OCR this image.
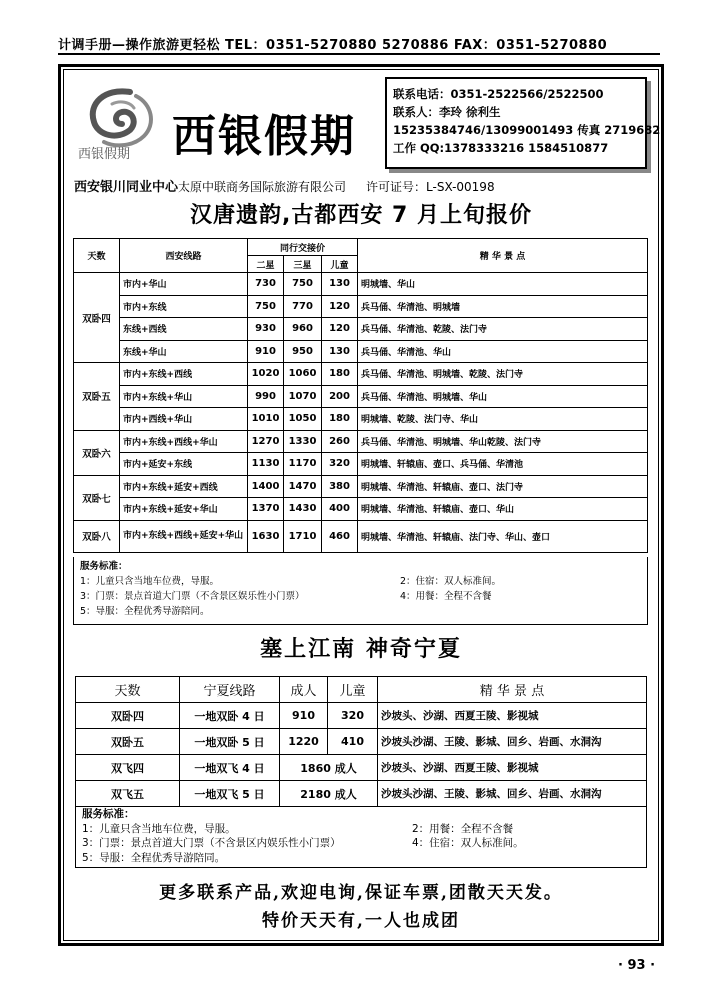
计调手册—操作旅游更轻松 TEL：0351-5270880 5270886 FAX：0351-5270880
西银假期 西银假期
联系电话：0351-2522566/2522500
联系人：李玲 徐利生
15235384746/13099001493 传真 2719682
工作 QQ:1378333216 1584510877
西安银川同业中心太原中联商务国际旅游有限公司 许可证号：L-SX-00198
汉唐遗韵,古都西安 7 月上旬报价
天数	西安线路	同行交接价			精 华 景 点
		二星	三星	儿童	
双卧四	市内+华山	730	750	130	明城墙、华山
	市内+东线	750	770	120	兵马俑、华清池、明城墙
	东线+西线	930	960	120	兵马俑、华清池、乾陵、法门寺
	东线+华山	910	950	130	兵马俑、华清池、华山
双卧五	市内+东线+西线	1020	1060	180	兵马俑、华清池、明城墙、乾陵、法门寺
	市内+东线+华山	990	1070	200	兵马俑、华清池、明城墙、华山
	市内+西线+华山	1010	1050	180	明城墙、乾陵、法门寺、华山
双卧六	市内+东线+西线+华山	1270	1330	260	兵马俑、华清池、明城墙、华山乾陵、法门寺
	市内+延安+东线	1130	1170	320	明城墙、轩辕庙、壶口、兵马俑、华清池
双卧七	市内+东线+延安+西线	1400	1470	380	明城墙、华清池、轩辕庙、壶口、法门寺
	市内+东线+延安+华山	1370	1430	400	明城墙、华清池、轩辕庙、壶口、华山
双卧八	市内+东线+西线+延安+华山	1630	1710	460	明城墙、华清池、轩辕庙、法门寺、华山、壶口
服务标准：
1：儿童只含当地车位费，导服。	2：住宿：双人标准间。
3：门票：景点首道大门票（不含景区娱乐性小门票）	4：用餐：全程不含餐
5：导服：全程优秀导游陪同。
塞上江南 神奇宁夏
天数	宁夏线路	成人	儿童	精 华 景 点
双卧四	一地双卧 4 日	910	320	沙坡头、沙湖、西夏王陵、影视城
双卧五	一地双卧 5 日	1220	410	沙坡头沙湖、王陵、影城、回乡、岩画、水洞沟
双飞四	一地双飞 4 日	1860 成人		沙坡头、沙湖、西夏王陵、影视城
双飞五	一地双飞 5 日	2180 成人		沙坡头沙湖、王陵、影城、回乡、岩画、水洞沟
服务标准：
1：儿童只含当地车位费，导服。	2：用餐：全程不含餐
3：门票：景点首道大门票（不含景区内娱乐性小门票）	4：住宿：双人标准间。
5：导服：全程优秀导游陪同。
更多联系产品,欢迎电询,保证车票,团散天天发。
特价天天有,一人也成团
· 93 ·
